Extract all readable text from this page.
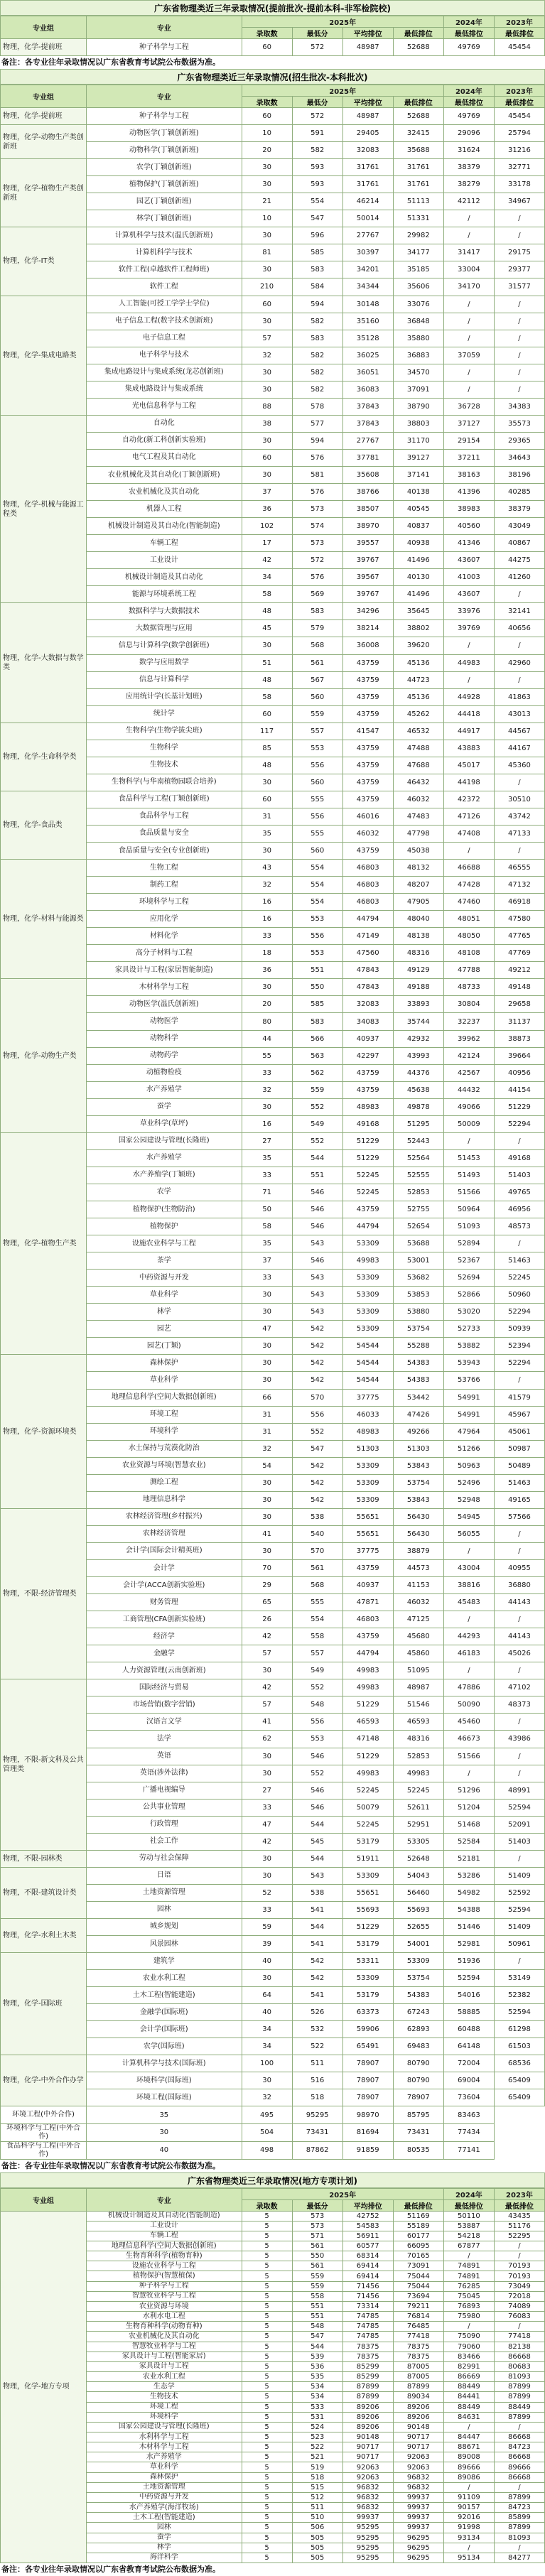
广东省物理类近三年录取情况(提前批次-提前本科-非军检院校)
专业组	专业	2025年				2024年	2023年
		录取数	最低分	平均排位	最低排位	最低排位	最低排位
物理，化学-提前班	种子科学与工程	60	572	48987	52688	49769	45454
备注：各专业往年录取情况以广东省教育考试院公布数据为准。
广东省物理类近三年录取情况(招生批次-本科批次)
专业组	专业	2025年				2024年	2023年
		录取数	最低分	平均排位	最低排位	最低排位	最低排位
物理，化学-提前班	种子科学与工程	60	572	48987	52688	49769	45454
物理，化学-动物生产类创新班	动物医学(丁颖创新班)	10	591	29405	32415	29096	25794
	动物科学(丁颖创新班)	20	582	32083	35688	31624	31216
物理，化学-植物生产类创新班	农学(丁颖创新班)	30	593	31761	31761	38379	32771
	植物保护(丁颖创新班)	30	593	31761	31761	38279	33178
	园艺(丁颖创新班)	21	554	46214	51113	42112	34967
	林学(丁颖创新班)	10	547	50014	51331	/	/
物理，化学-IT类	计算机科学与技术(温氏创新班)	30	596	27767	29982	/	/
	计算机科学与技术	81	585	30397	34177	31417	29175
	软件工程(卓越软件工程师班)	30	583	34201	35185	33004	29377
	软件工程	210	584	34344	35606	34170	31577
物理，化学-集成电路类	人工智能(可授工学学士学位)	60	594	30148	33076	/	/
	电子信息工程(数字技术创新班)	30	582	35160	36848	/	/
	电子信息工程	57	583	35128	35880	/	/
	电子科学与技术	32	582	36025	36883	37059	/
	集成电路设计与集成系统(龙芯创新班)	30	582	36051	34570	/	/
	集成电路设计与集成系统	30	582	36083	37091	/	/
	光电信息科学与工程	88	578	37843	38790	36728	34383
物理，化学-机械与能源工程类	自动化	38	577	37843	38803	37127	35573
	自动化(新工科创新实验班)	30	594	27767	31170	29154	29365
	电气工程及其自动化	60	576	37781	39127	37211	34643
	农业机械化及其自动化(丁颖创新班)	30	581	35608	37141	38163	38196
	农业机械化及其自动化	37	576	38766	40138	41396	40285
	机器人工程	36	573	38507	40545	38983	38379
	机械设计制造及其自动化(智能制造)	102	574	38970	40837	40560	43049
	车辆工程	17	573	39557	40938	41346	40867
	工业设计	42	572	39767	41496	43607	44275
	机械设计制造及其自动化	34	576	39567	40130	41003	41260
	能源与环境系统工程	58	569	39767	41496	43607	/
物理，化学-大数据与数学类	数据科学与大数据技术	48	583	34296	35645	33976	32141
	大数据管理与应用	45	579	38214	38802	39769	40656
	信息与计算科学(数学创新班)	30	568	36008	39620	/	/
	数学与应用数学	51	561	43759	45136	44983	42960
	信息与计算科学	48	567	43759	44723	/	/
	应用统计学(长基计划班)	58	560	43759	45136	44928	41863
	统计学	60	559	43759	45262	44418	43013
物理，化学-生命科学类	生物科学(生物学拔尖班)	117	557	41547	46532	44917	44567
	生物科学	85	553	43759	47488	43883	44167
	生物技术	48	556	43759	47688	45017	45360
	生物科学(与华南植物园联合培养)	30	560	43759	46432	44198	/
物理，化学-食品类	食品科学与工程(丁颖创新班)	60	555	43759	46032	42372	30510
	食品科学与工程	31	556	46016	47483	47126	43742
	食品质量与安全	35	555	46032	47798	47408	47133
	食品质量与安全(专业创新班)	30	560	43759	45038	/	/
物理，化学-材料与能源类	生物工程	43	554	46803	48132	46688	46555
	制药工程	32	554	46803	48207	47428	47132
	环境科学与工程	16	554	46803	47905	47460	46918
	应用化学	16	553	44794	48040	48051	47580
	材料化学	33	556	47149	48138	48050	47765
	高分子材料与工程	18	553	47560	48316	48108	47769
	家具设计与工程(家居智能制造)	36	551	47843	49129	47788	49212
物理，化学-动物生产类	木材科学与工程	30	550	47843	49188	48733	49148
	动物医学(温氏创新班)	20	585	32083	33893	30804	29658
	动物医学	80	583	34083	35744	32237	31137
	动物科学	44	566	40937	42932	39962	38873
	动物药学	55	563	42297	43993	42124	39664
	动植物检疫	33	562	43759	44376	42567	40956
	水产养殖学	32	559	43759	45638	44432	44154
	蚕学	30	552	48983	49878	49066	51229
	草业科学(草坪)	16	549	49168	51295	50009	52294
物理，化学-植物生产类	国家公园建设与管理(长隆班)	27	552	51229	52443	/	/
	水产养殖学	35	544	51229	52564	51453	49168
	水产养殖学(丁颖班)	33	551	52245	52555	51493	51403
	农学	71	546	52245	52853	51566	49765
	植物保护(生物防治)	50	546	43759	52755	50964	46956
	植物保护	58	546	44794	52654	51093	48573
	设施农业科学与工程	35	543	53309	53688	52894	/
	茶学	37	546	49983	53001	52367	51463
	中药资源与开发	33	543	53309	53682	52694	52245
	草业科学	30	543	53309	53853	52866	50960
	林学	30	543	53309	53880	53020	52294
	园艺	47	542	53309	53754	52733	50939
	园艺(丁颖)	30	542	54544	55288	53882	52394
物理，化学-资源环境类	森林保护	30	542	54544	54383	53943	52294
	草业科学	30	542	54544	54383	53766	/
	地理信息科学(空间大数据创新班)	66	570	37775	53442	54991	41579
	环境工程	31	556	46033	47426	54991	45967
	环境科学	31	552	48983	49266	47964	45061
	水土保持与荒漠化防治	32	547	51303	51303	51266	50987
	农业资源与环境(智慧农业)	54	542	53309	53843	50963	50489
	测绘工程	30	542	53309	53754	52496	51463
	地理信息科学	30	542	53309	53843	52948	49165
物理，不限-经济管理类	农林经济管理(乡村振兴)	30	538	55651	56430	54945	57566
	农林经济管理	41	540	55651	56430	56055	/
	会计学(国际会计精英班)	30	570	37775	38879	/	/
	会计学	70	561	43759	44573	43004	40955
	会计学(ACCA创新实验班)	29	568	40937	41153	38816	36880
	财务管理	65	555	47871	46032	45483	44143
	工商管理(CFA创新实验班)	26	554	46803	47125	/	/
	经济学	42	558	43759	45680	44293	44143
	金融学	57	557	44794	45860	46183	45026
	人力资源管理(云南创新班)	30	549	49983	51095	/	/
物理，不限-新文科及公共管理类	国际经济与贸易	42	552	49983	48987	47886	47102
	市场营销(数字营销)	57	548	51229	51546	50090	48373
	汉语言文学	41	556	46593	46593	45460	/
	法学	62	553	47148	48316	46673	43986
	英语	30	546	51229	52853	51566	/
	英语(涉外法律)	30	552	49983	49983	/	/
	广播电视编导	27	546	52245	52245	51296	48991
	公共事业管理	33	546	50079	52611	51204	52594
	行政管理	47	544	52245	52951	51468	52091
	社会工作	42	545	53179	53305	52584	51403
物理，不限-园林类	劳动与社会保障	30	544	51911	52648	52181	/
物理，不限-建筑设计类	日语	30	543	53309	54043	53286	51409
	土地资源管理	52	538	55651	56460	54982	52592
	园林	33	541	55693	55693	54388	52594
物理，化学-水利土木类	城乡规划	59	544	51229	52655	51446	51409
	风景园林	39	541	53179	54001	52981	50961
物理，化学-国际班	建筑学	40	542	53311	53309	51936	/
	农业水利工程	30	542	53309	53754	52594	53149
	土木工程(智能建造)	64	541	53179	54383	54016	52382
	金融学(国际班)	40	526	63373	67243	58885	52594
	会计学(国际班)	34	532	59906	62893	60488	61298
	农学(国际班)	34	522	65491	69483	64148	61503
物理，化学-中外合作办学	计算机科学与技术(国际班)	100	511	78907	80790	72004	68536
	环境科学(国际班)	30	516	78907	80790	69004	65409
	环境工程(国际班)	32	518	78907	78907	73604	65409
环境工程(中外合作)	35	495	95295	98970	85795	83463	
环境科学与工程(中外合作)	30	504	73431	81694	73431	77434	
食品科学与工程(中外合作)	40	498	87862	91859	80535	77141	
备注：各专业往年录取情况以广东省教育考试院公布数据为准。
广东省物理类近三年录取情况(地方专项计划)
专业组	专业	2025年				2024年	2023年
		录取数	最低分	平均排位	最低排位	最低排位	最低排位
物理，化学-地方专项	机械设计制造及其自动化(智能制造)	5	573	42752	51169	50110	43435
	工业设计	5	573	54583	55189	53887	51176
	车辆工程	5	571	56911	60177	54218	52295
	地理信息科学(空间大数据创新班)	5	561	60577	66095	67877	/
	生物育种科学(植物育种)	5	550	68314	70165	/	/
	设施农业科学与工程	5	561	69414	73091	74891	70193
	植物保护(智慧植保)	5	559	69414	75044	74891	70193
	种子科学与工程	5	559	71456	75044	76285	73049
	智慧牧业科学与工程	5	558	71456	73694	75045	72018
	农业资源与环境	5	551	73314	79211	76893	74089
	水利水电工程	5	551	74785	76814	75980	76083
	生物育种科学(动物育种)	5	548	74785	76485	/	/
	农业机械化及其自动化	5	547	74785	77418	75090	77418
	智慧牧业科学与工程	5	544	78375	78375	79060	82138
	家具设计与工程(智能家居)	5	539	78375	78375	83466	86668
	家具设计与工程	5	536	85299	87005	82991	80683
	农业水利工程	5	535	85299	87005	86669	81093
	生态学	5	534	87899	87899	88449	87899
	生物技术	5	534	87899	89034	84441	87899
	环境工程	5	533	89206	89206	88449	88449
	环境科学	5	531	89206	89206	84631	87899
	国家公园建设与管理(长隆班)	5	524	89206	90148	/	/
	水利科学与工程	5	523	90148	90717	84447	86668
	木材科学与工程	5	522	90717	90717	88671	84723
	水产养殖学	5	521	90717	92063	89008	86668
	草业科学	5	519	92063	92063	89666	89666
	森林保护	5	518	92063	96832	89086	86668
	土地资源管理	5	515	96832	96832	/	/
	中药资源与开发	5	512	96832	99937	91109	87899
	水产养殖学(海洋牧场)	5	511	96832	99937	90157	84723
	土木工程(智能建造)	5	510	99937	99937	92016	85899
	园林	5	506	95295	99937	91998	87899
	蚕学	5	505	95295	96295	93134	81093
	林学	5	505	95295	96295	/	/
	海洋科学	5	505	95295	96295	95134	84277
备注：各专业往年录取情况以广东省教育考试院公布数据为准。
